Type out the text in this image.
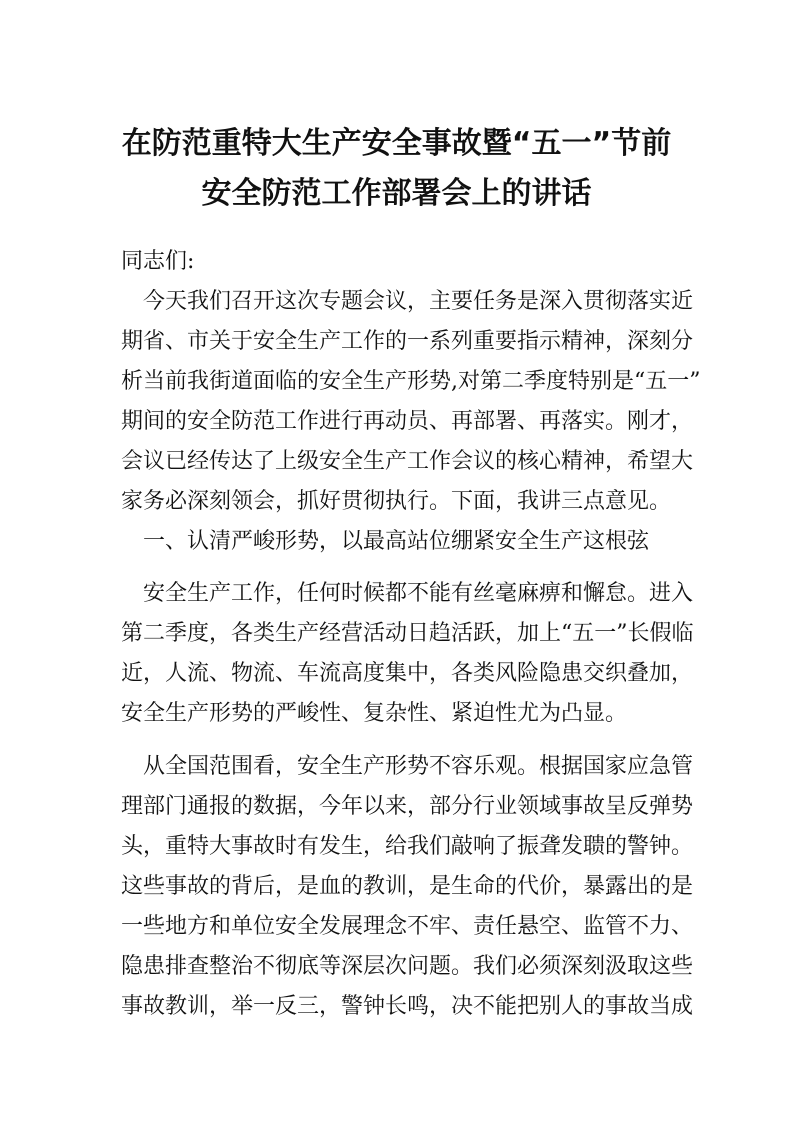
在防范重特大生产安全事故暨“五一”节前
安全防范工作部署会上的讲话
同志们:
今天我们召开这次专题会议，主要任务是深入贯彻落实近
期省、市关于安全生产工作的一系列重要指示精神，深刻分
析当前我街道面临的安全生产形势,对第二季度特别是“五一”
期间的安全防范工作进行再动员、再部署、再落实。刚才，
会议已经传达了上级安全生产工作会议的核心精神，希望大
家务必深刻领会，抓好贯彻执行。下面，我讲三点意见。
一、认清严峻形势，以最高站位绷紧安全生产这根弦
安全生产工作，任何时候都不能有丝毫麻痹和懈怠。进入
第二季度，各类生产经营活动日趋活跃，加上“五一”长假临
近，人流、物流、车流高度集中，各类风险隐患交织叠加，
安全生产形势的严峻性、复杂性、紧迫性尤为凸显。
从全国范围看，安全生产形势不容乐观。根据国家应急管
理部门通报的数据，今年以来，部分行业领域事故呈反弹势
头，重特大事故时有发生，给我们敲响了振聋发聩的警钟。
这些事故的背后，是血的教训，是生命的代价，暴露出的是
一些地方和单位安全发展理念不牢、责任悬空、监管不力、
隐患排查整治不彻底等深层次问题。我们必须深刻汲取这些
事故教训，举一反三，警钟长鸣，决不能把别人的事故当成
